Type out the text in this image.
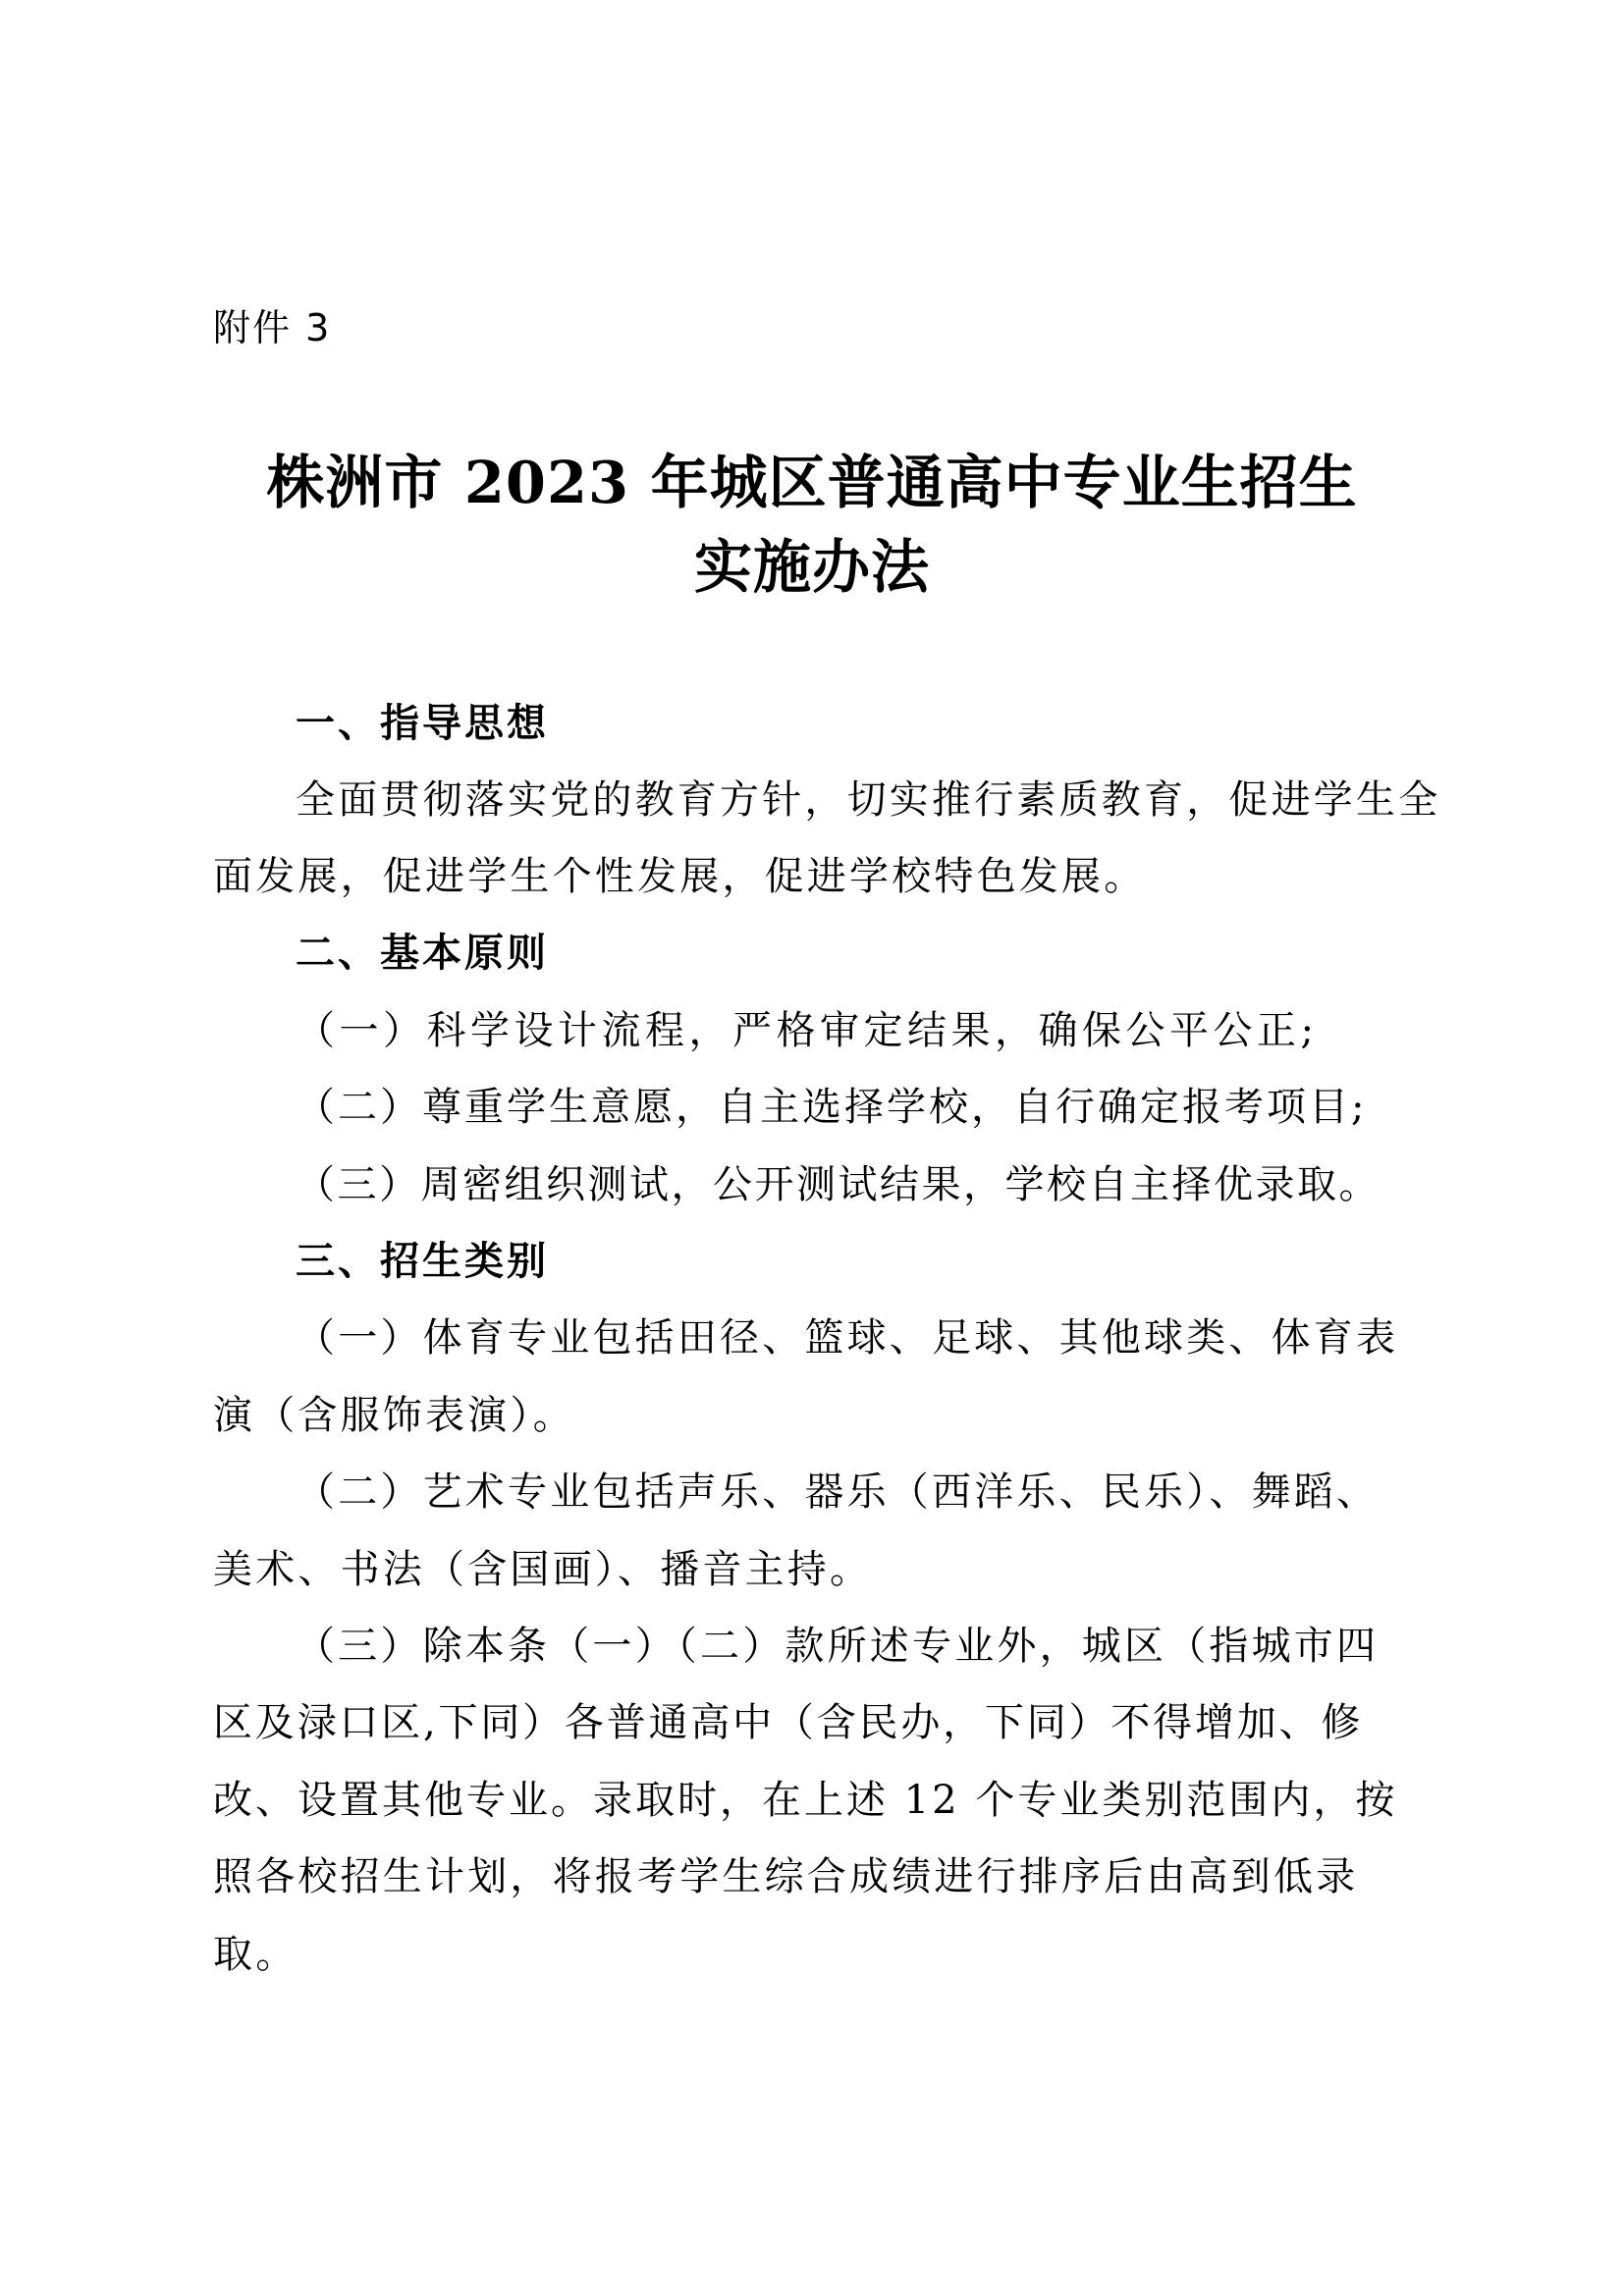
附件 3
株洲市 2023 年城区普通高中专业生招生
实施办法
一、指导思想

全面贯彻落实党的教育方针，切实推行素质教育，促进学生全

面发展，促进学生个性发展，促进学校特色发展。

二、基本原则

（一）科学设计流程，严格审定结果，确保公平公正;

（二）尊重学生意愿，自主选择学校，自行确定报考项目;

（三）周密组织测试，公开测试结果，学校自主择优录取。

三、招生类别

（一）体育专业包括田径、篮球、足球、其他球类、体育表

演（含服饰表演）。

（二）艺术专业包括声乐、器乐（西洋乐、民乐）、舞蹈、

美术、书法（含国画）、播音主持。

（三）除本条（一）（二）款所述专业外，城区（指城市四

区及渌口区,下同）各普通高中（含民办，下同）不得增加、修

改、设置其他专业。录取时，在上述 12 个专业类别范围内，按

照各校招生计划，将报考学生综合成绩进行排序后由高到低录

取。
